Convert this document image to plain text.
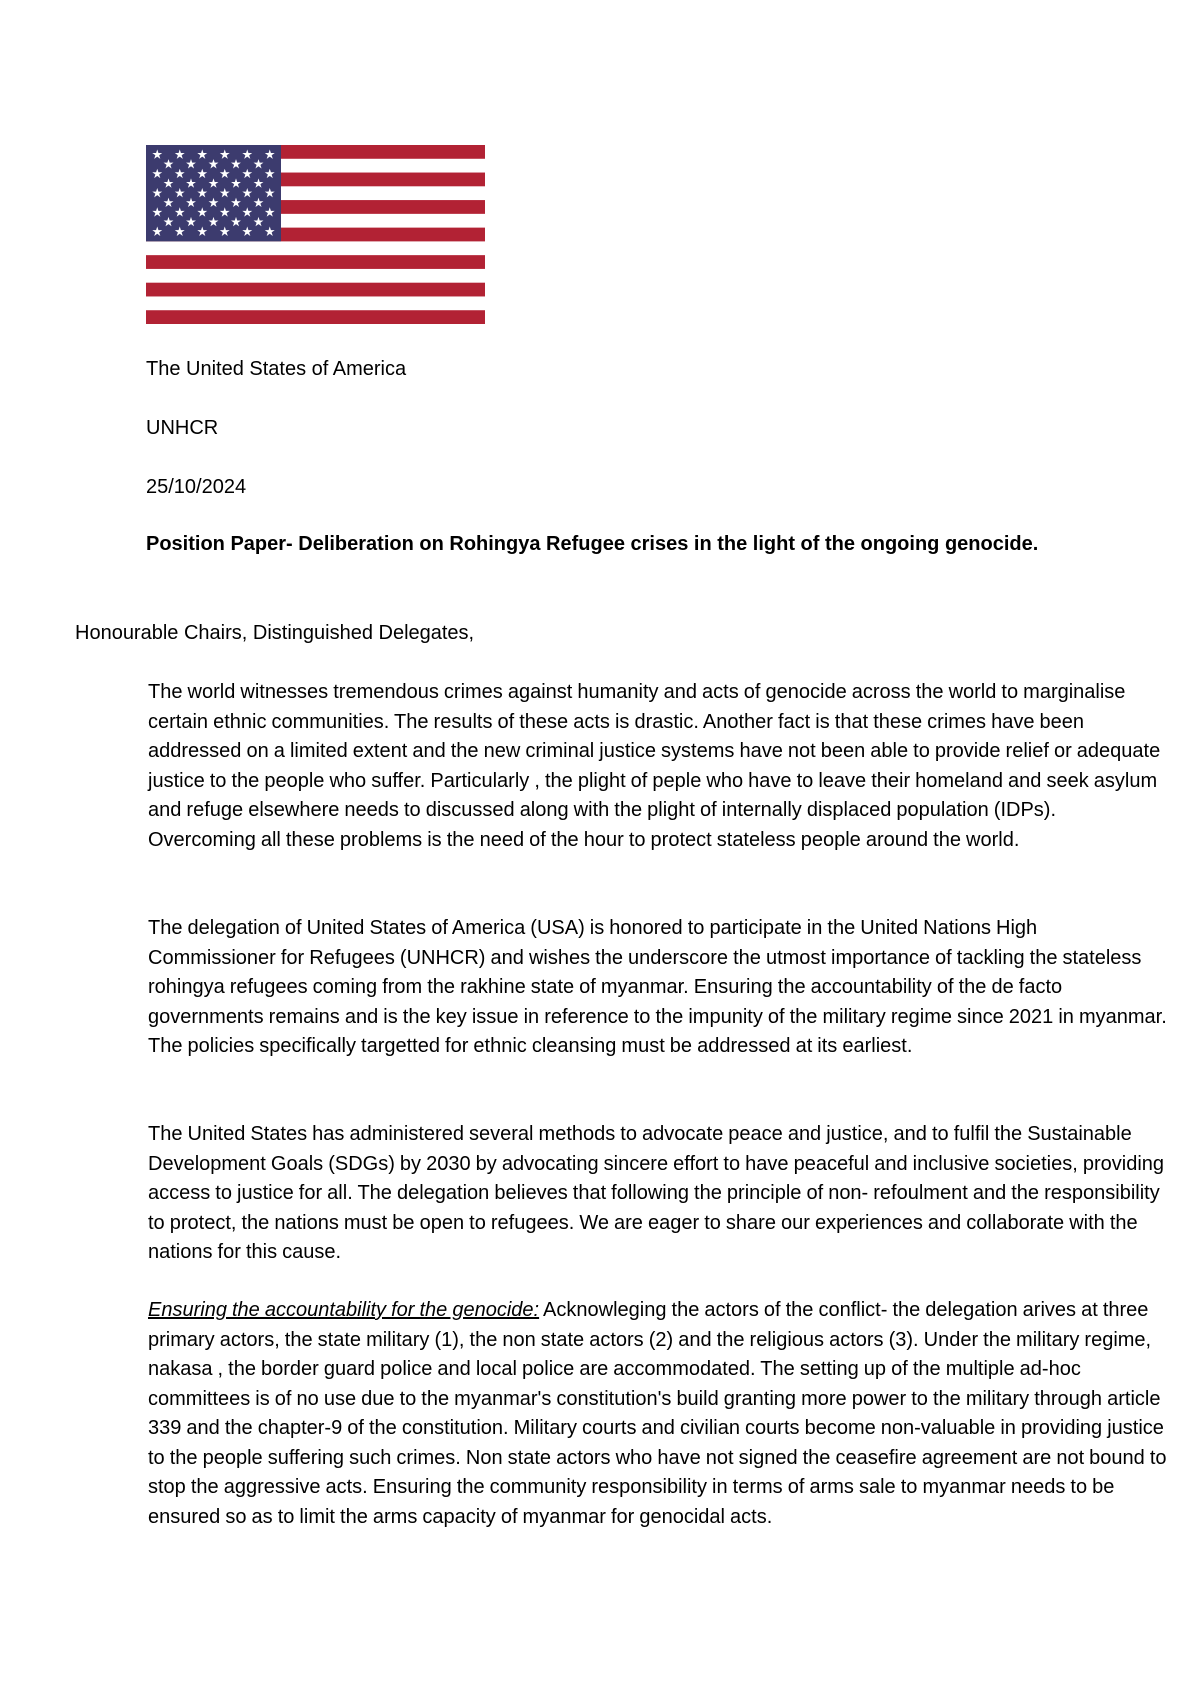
The United States of America

UNHCR

25/10/2024

Position Paper- Deliberation on Rohingya Refugee crises in the light of the ongoing genocide.

Honourable Chairs, Distinguished Delegates,

The world witnesses tremendous crimes against humanity and acts of genocide across the world to marginalise certain ethnic communities. The results of these acts is drastic. Another fact is that these crimes have been addressed on a limited extent and the new criminal justice systems have not been able to provide relief or adequate justice to the people who suffer. Particularly , the plight of peple who have to leave their homeland and seek asylum and refuge elsewhere needs to discussed along with the plight of internally displaced population (IDPs). Overcoming all these problems is the need of the hour to protect stateless people around the world.

The delegation of United States of America (USA) is honored to participate in the United Nations High Commissioner for Refugees (UNHCR) and wishes the underscore the utmost importance of tackling the stateless rohingya refugees coming from the rakhine state of myanmar. Ensuring the accountability of the de facto governments remains and is the key issue in reference to the impunity of the military regime since 2021 in myanmar. The policies specifically targetted for ethnic cleansing must be addressed at its earliest.

The United States has administered several methods to advocate peace and justice, and to fulfil the Sustainable Development Goals (SDGs) by 2030 by advocating sincere effort to have peaceful and inclusive societies, providing access to justice for all. The delegation believes that following the principle of non- refoulment and the responsibility to protect, the nations must be open to refugees. We are eager to share our experiences and collaborate with the nations for this cause.

Ensuring the accountability for the genocide: Acknowleging the actors of the conflict- the delegation arives at three primary actors, the state military (1), the non state actors (2) and the religious actors (3). Under the military regime, nakasa , the border guard police and local police are accommodated. The setting up of the multiple ad-hoc committees is of no use due to the myanmar's constitution's build granting more power to the military through article 339 and the chapter-9 of the constitution. Military courts and civilian courts become non-valuable in providing justice to the people suffering such crimes. Non state actors who have not signed the ceasefire agreement are not bound to stop the aggressive acts. Ensuring the community responsibility in terms of arms sale to myanmar needs to be ensured so as to limit the arms capacity of myanmar for genocidal acts.
